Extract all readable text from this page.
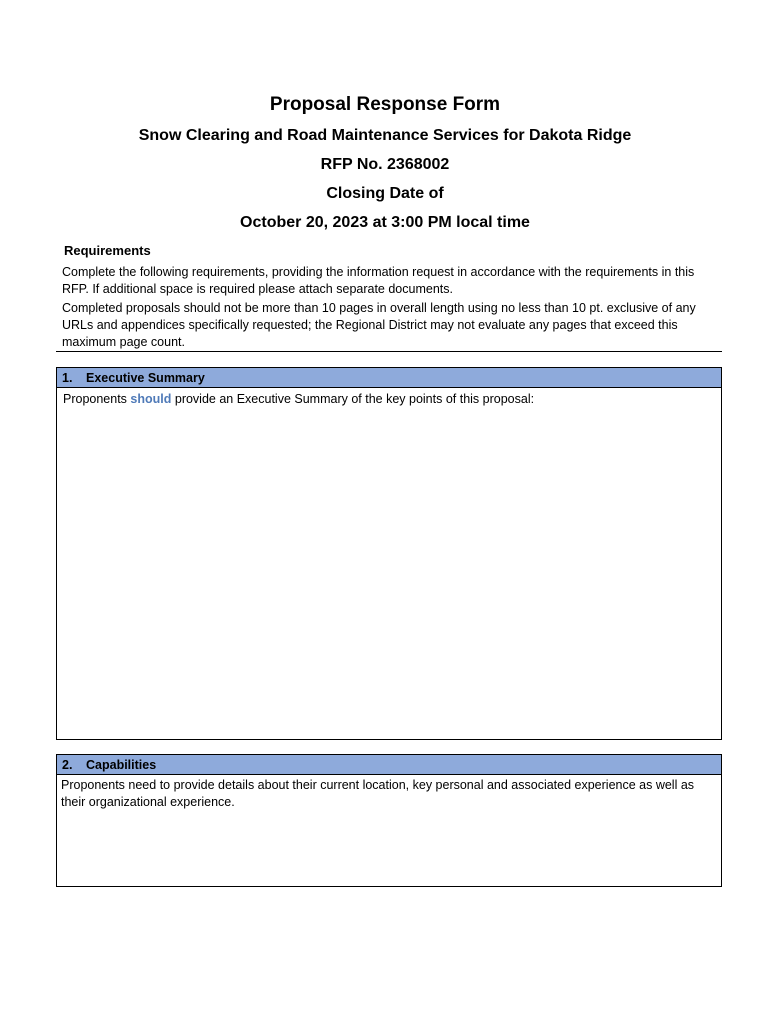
Proposal Response Form

Snow Clearing and Road Maintenance Services for Dakota Ridge

RFP No. 2368002

Closing Date of

October 20, 2023 at 3:00 PM local time

Requirements

Complete the following requirements, providing the information request in accordance with the requirements in this RFP. If additional space is required please attach separate documents.

Completed proposals should not be more than 10 pages in overall length using no less than 10 pt. exclusive of any URLs and appendices specifically requested; the Regional District may not evaluate any pages that exceed this maximum page count.

1. Executive Summary
Proponents should provide an Executive Summary of the key points of this proposal:
2. Capabilities
Proponents need to provide details about their current location, key personal and associated experience as well as their organizational experience.
